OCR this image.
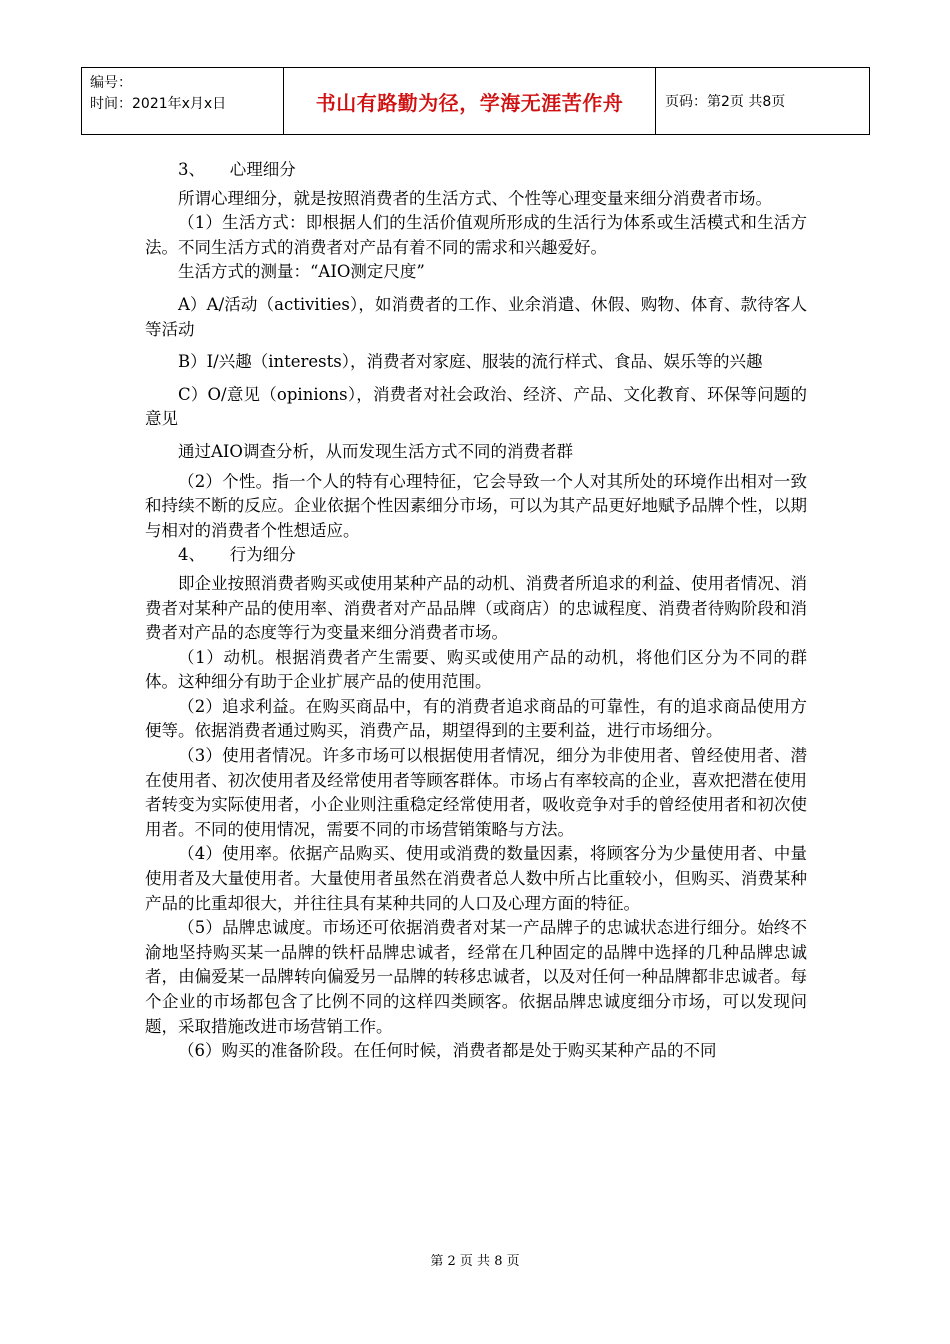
编号：
时间：2021年x月x日	书山有路勤为径，学海无涯苦作舟	页码：第2页 共8页

3、　　心理细分

所谓心理细分，就是按照消费者的生活方式、个性等心理变量来细分消费者市场。

（1）生活方式：即根据人们的生活价值观所形成的生活行为体系或生活模式和生活方法。不同生活方式的消费者对产品有着不同的需求和兴趣爱好。

生活方式的测量：“AIO测定尺度”

A）A/活动（activities），如消费者的工作、业余消遣、休假、购物、体育、款待客人等活动

B）I/兴趣（interests），消费者对家庭、服装的流行样式、食品、娱乐等的兴趣

C）O/意见（opinions），消费者对社会政治、经济、产品、文化教育、环保等问题的意见

通过AIO调查分析，从而发现生活方式不同的消费者群

（2）个性。指一个人的特有心理特征，它会导致一个人对其所处的环境作出相对一致和持续不断的反应。企业依据个性因素细分市场，可以为其产品更好地赋予品牌个性，以期与相对的消费者个性想适应。

4、　　行为细分

即企业按照消费者购买或使用某种产品的动机、消费者所追求的利益、使用者情况、消费者对某种产品的使用率、消费者对产品品牌（或商店）的忠诚程度、消费者待购阶段和消费者对产品的态度等行为变量来细分消费者市场。

（1）动机。根据消费者产生需要、购买或使用产品的动机，将他们区分为不同的群体。这种细分有助于企业扩展产品的使用范围。

（2）追求利益。在购买商品中，有的消费者追求商品的可靠性，有的追求商品使用方便等。依据消费者通过购买，消费产品，期望得到的主要利益，进行市场细分。

（3）使用者情况。许多市场可以根据使用者情况，细分为非使用者、曾经使用者、潜在使用者、初次使用者及经常使用者等顾客群体。市场占有率较高的企业，喜欢把潜在使用者转变为实际使用者，小企业则注重稳定经常使用者，吸收竞争对手的曾经使用者和初次使用者。不同的使用情况，需要不同的市场营销策略与方法。

（4）使用率。依据产品购买、使用或消费的数量因素，将顾客分为少量使用者、中量使用者及大量使用者。大量使用者虽然在消费者总人数中所占比重较小，但购买、消费某种产品的比重却很大，并往往具有某种共同的人口及心理方面的特征。

（5）品牌忠诚度。市场还可依据消费者对某一产品牌子的忠诚状态进行细分。始终不渝地坚持购买某一品牌的铁杆品牌忠诚者，经常在几种固定的品牌中选择的几种品牌忠诚者，由偏爱某一品牌转向偏爱另一品牌的转移忠诚者，以及对任何一种品牌都非忠诚者。每个企业的市场都包含了比例不同的这样四类顾客。依据品牌忠诚度细分市场，可以发现问题，采取措施改进市场营销工作。

（6）购买的准备阶段。在任何时候，消费者都是处于购买某种产品的不同

第 2 页 共 8 页
